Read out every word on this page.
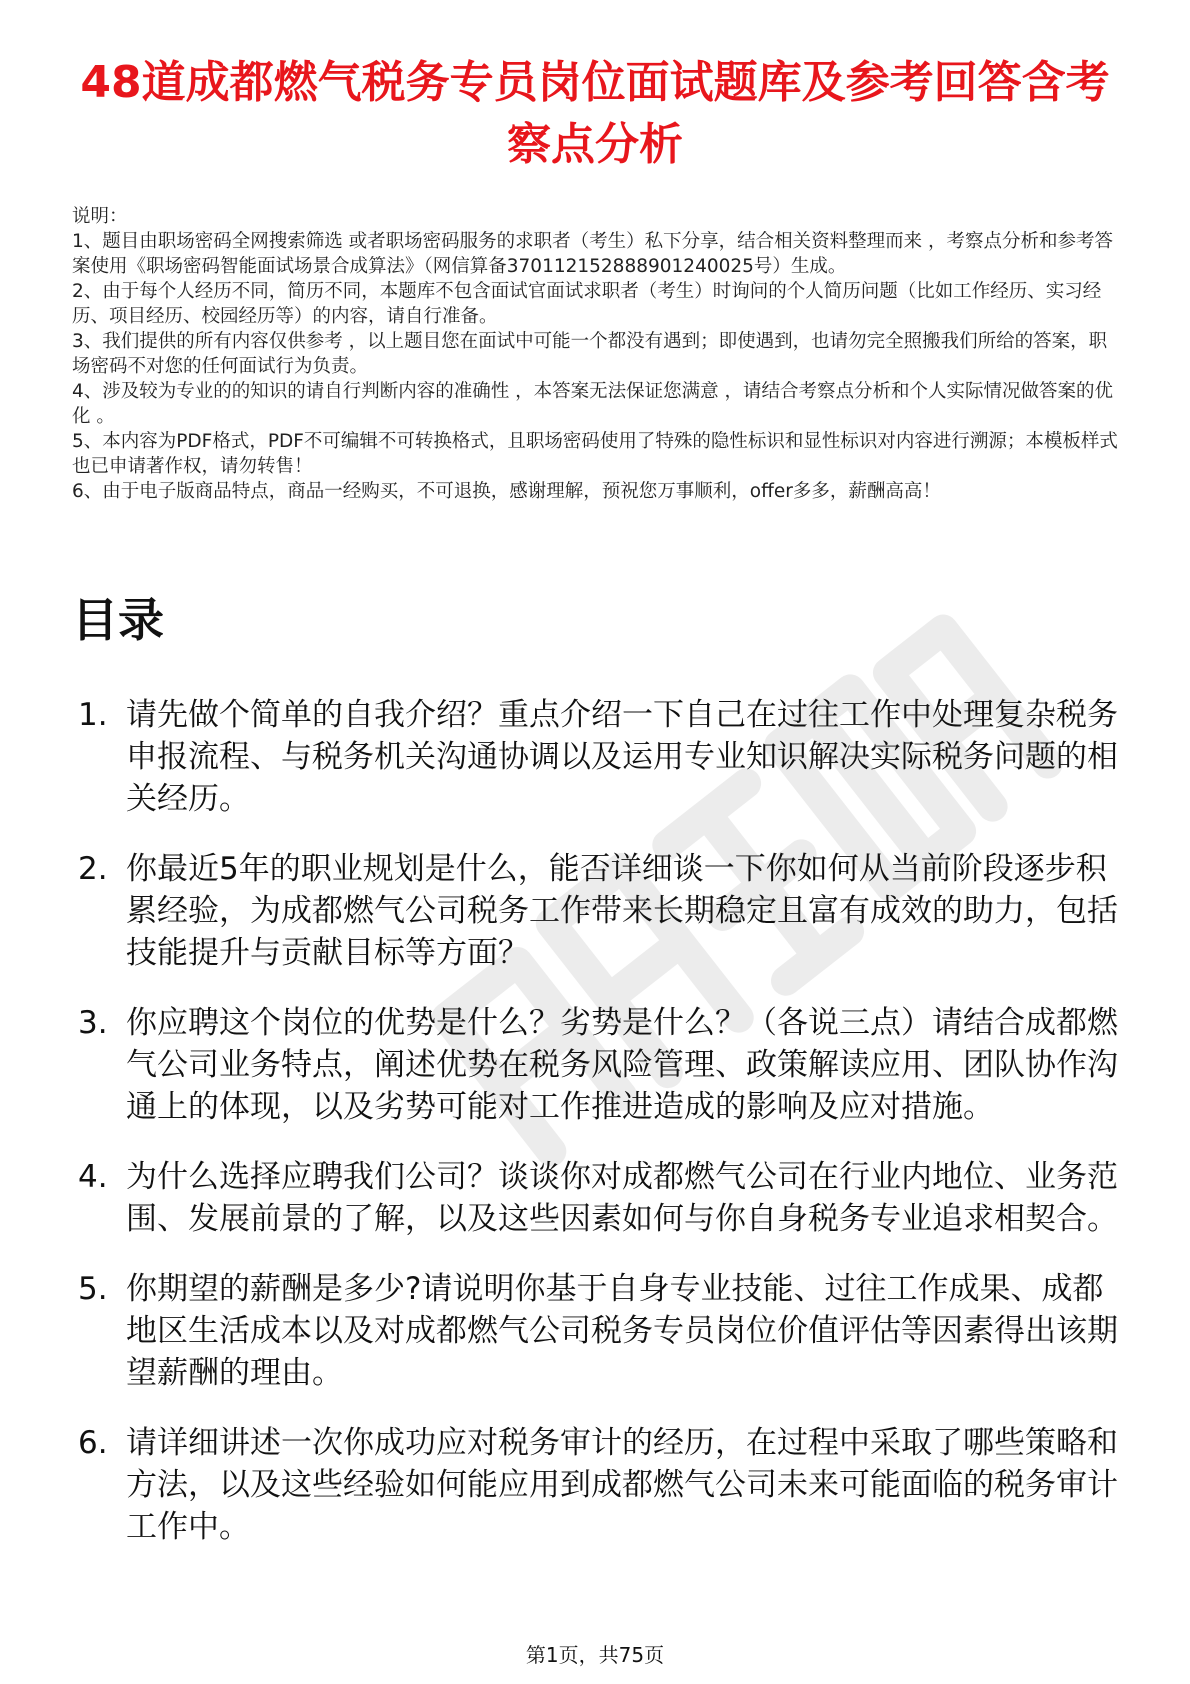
48道成都燃气税务专员岗位面试题库及参考回答含考察点分析

说明：

1、题目由职场密码全网搜索筛选 或者职场密码服务的求职者（考生）私下分享，结合相关资料整理而来 ，考察点分析和参考答案使用《职场密码智能面试场景合成算法》（网信算备370112152888901240025号）生成。

2、由于每个人经历不同，简历不同，本题库不包含面试官面试求职者（考生）时询问的个人简历问题（比如工作经历、实习经历、项目经历、校园经历等）的内容，请自行准备。

3、我们提供的所有内容仅供参考 ，以上题目您在面试中可能一个都没有遇到；即使遇到，也请勿完全照搬我们所给的答案，职场密码不对您的任何面试行为负责。

4、涉及较为专业的的知识的请自行判断内容的准确性 ，本答案无法保证您满意 ，请结合考察点分析和个人实际情况做答案的优化 。

5、本内容为PDF格式，PDF不可编辑不可转换格式，且职场密码使用了特殊的隐性标识和显性标识对内容进行溯源；本模板样式也已申请著作权，请勿转售！

6、由于电子版商品特点，商品一经购买，不可退换，感谢理解，预祝您万事顺利，offer多多，薪酬高高！

目录
1. 请先做个简单的自我介绍？重点介绍一下自己在过往工作中处理复杂税务申报流程、与税务机关沟通协调以及运用专业知识解决实际税务问题的相关经历。
2. 你最近5年的职业规划是什么，能否详细谈一下你如何从当前阶段逐步积累经验，为成都燃气公司税务工作带来长期稳定且富有成效的助力，包括技能提升与贡献目标等方面？
3. 你应聘这个岗位的优势是什么？劣势是什么？（各说三点）请结合成都燃气公司业务特点，阐述优势在税务风险管理、政策解读应用、团队协作沟通上的体现，以及劣势可能对工作推进造成的影响及应对措施。
4. 为什么选择应聘我们公司？谈谈你对成都燃气公司在行业内地位、业务范围、发展前景的了解，以及这些因素如何与你自身税务专业追求相契合。
5. 你期望的薪酬是多少?请说明你基于自身专业技能、过往工作成果、成都地区生活成本以及对成都燃气公司税务专员岗位价值评估等因素得出该期望薪酬的理由。
6. 请详细讲述一次你成功应对税务审计的经历，在过程中采取了哪些策略和方法，以及这些经验如何能应用到成都燃气公司未来可能面临的税务审计工作中。
第1页，共75页
